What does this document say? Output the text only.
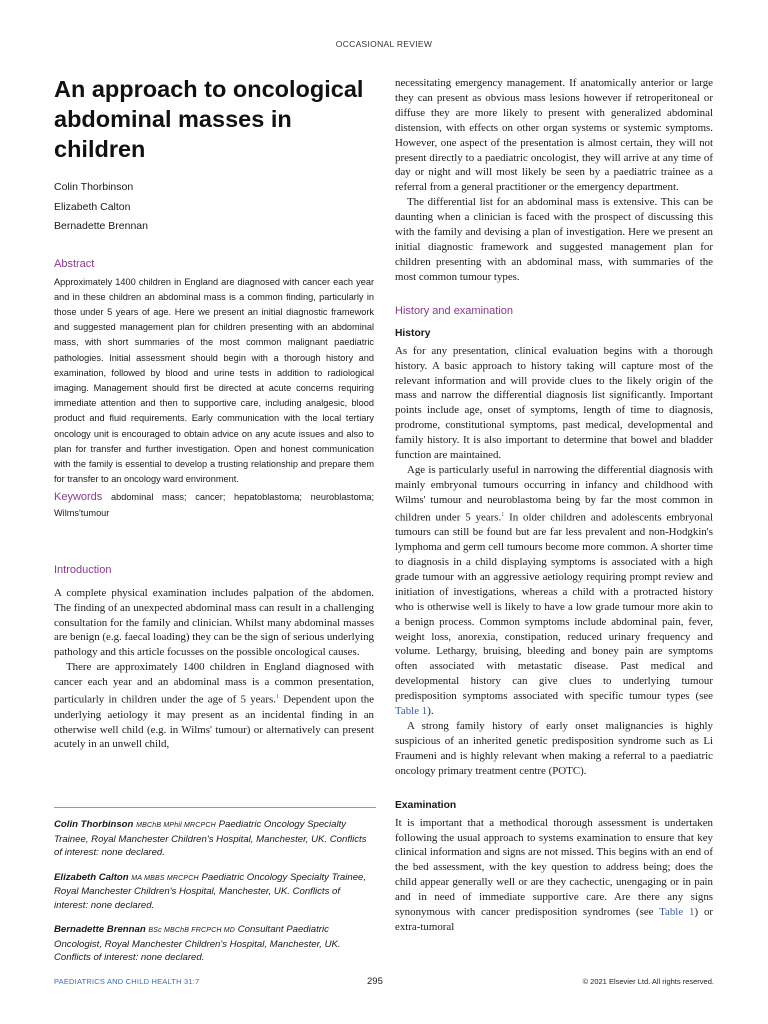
OCCASIONAL REVIEW
An approach to oncological abdominal masses in children

Colin Thorbinson

Elizabeth Calton

Bernadette Brennan

Abstract

Approximately 1400 children in England are diagnosed with cancer each year and in these children an abdominal mass is a common finding, particularly in those under 5 years of age. Here we present an initial diagnostic framework and suggested management plan for children presenting with an abdominal mass, with short summaries of the most common malignant paediatric pathologies. Initial assessment should begin with a thorough history and examination, followed by blood and urine tests in addition to radiological imaging. Management should first be directed at acute concerns requiring immediate attention and then to supportive care, including analgesic, blood product and fluid requirements. Early communication with the local tertiary oncology unit is encouraged to obtain advice on any acute issues and also to plan for transfer and further investigation. Open and honest communication with the family is essential to develop a trusting relationship and prepare them for transfer to an oncology ward environment.

Keywords abdominal mass; cancer; hepatoblastoma; neuroblastoma; Wilms'tumour

Introduction

A complete physical examination includes palpation of the abdomen. The finding of an unexpected abdominal mass can result in a challenging consultation for the family and clinician. Whilst many abdominal masses are benign (e.g. faecal loading) they can be the sign of serious underlying pathology and this article focusses on the possible oncological causes.

There are approximately 1400 children in England diagnosed with cancer each year and an abdominal mass is a common presentation, particularly in children under the age of 5 years.$^1$ Dependent upon the underlying aetiology it may present as an incidental finding in an otherwise well child (e.g. in Wilms' tumour) or alternatively can present acutely in an unwell child,

necessitating emergency management. If anatomically anterior or large they can present as obvious mass lesions however if retroperitoneal or diffuse they are more likely to present with generalized abdominal distension, with effects on other organ systems or systemic symptoms. However, one aspect of the presentation is almost certain, they will not present directly to a paediatric oncologist, they will arrive at any time of day or night and will most likely be seen by a paediatric trainee as a referral from a general practitioner or the emergency department.

The differential list for an abdominal mass is extensive. This can be daunting when a clinician is faced with the prospect of discussing this with the family and devising a plan of investigation. Here we present an initial diagnostic framework and suggested management plan for children presenting with an abdominal mass, with summaries of the most common tumour types.

History and examination
History

As for any presentation, clinical evaluation begins with a thorough history. A basic approach to history taking will capture most of the relevant information and will provide clues to the likely origin of the mass and narrow the differential diagnosis list significantly. Important points include age, onset of symptoms, length of time to diagnosis, prodrome, constitutional symptoms, past medical, developmental and family history. It is also important to determine that bowel and bladder function are maintained.

Age is particularly useful in narrowing the differential diagnosis with mainly embryonal tumours occurring in infancy and childhood with Wilms' tumour and neuroblastoma being by far the most common in children under 5 years.$^1$ In older children and adolescents embryonal tumours can still be found but are far less prevalent and non-Hodgkin's lymphoma and germ cell tumours become more common. A shorter time to diagnosis in a child displaying symptoms is associated with a high grade tumour with an aggressive aetiology requiring prompt review and initiation of investigations, whereas a child with a protracted history who is otherwise well is likely to have a low grade tumour more akin to a benign process. Common symptoms include abdominal pain, fever, weight loss, anorexia, constipation, reduced urinary frequency and volume. Lethargy, bruising, bleeding and boney pain are symptoms often associated with metastatic disease. Past medical and developmental history can give clues to underlying tumour predisposition symptoms associated with specific tumour types (see Table 1).

A strong family history of early onset malignancies is highly suspicious of an inherited genetic predisposition syndrome such as Li Fraumeni and is highly relevant when making a referral to a paediatric oncology primary treatment centre (POTC).

Examination

It is important that a methodical thorough assessment is undertaken following the usual approach to systems examination to ensure that key clinical information and signs are not missed. This begins with an end of the bed assessment, with the key question to address being; does the child appear generally well or are they cachectic, unengaging or in pain and in need of immediate supportive care. Are there any signs synonymous with cancer predisposition syndromes (see Table 1) or extra-tumoral

Colin Thorbinson MBChB MPhil MRCPCH Paediatric Oncology Specialty Trainee, Royal Manchester Children's Hospital, Manchester, UK. Conflicts of interest: none declared.

Elizabeth Calton MA MBBS MRCPCH Paediatric Oncology Specialty Trainee, Royal Manchester Children's Hospital, Manchester, UK. Conflicts of interest: none declared.

Bernadette Brennan BSc MBChB FRCPCH MD Consultant Paediatric Oncologist, Royal Manchester Children's Hospital, Manchester, UK. Conflicts of interest: none declared.

PAEDIATRICS AND CHILD HEALTH 31:7	295	© 2021 Elsevier Ltd. All rights reserved.
